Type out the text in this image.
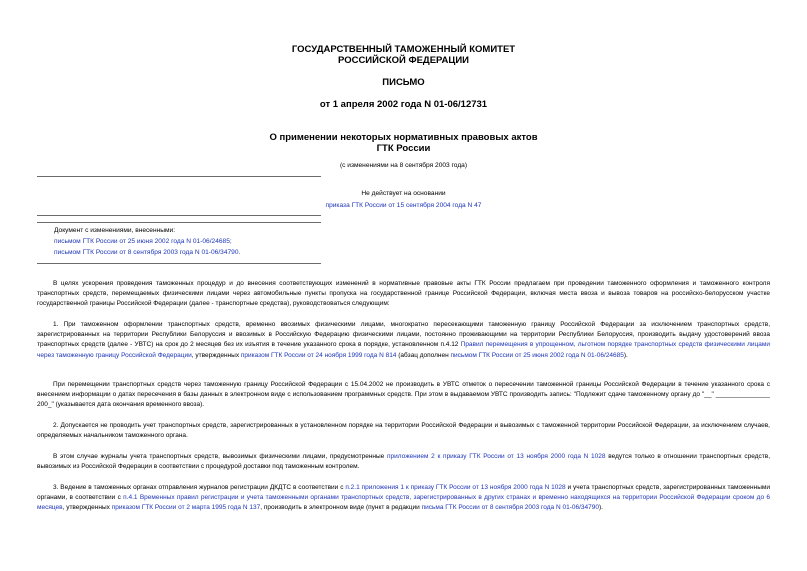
ГОСУДАРСТВЕННЫЙ ТАМОЖЕННЫЙ КОМИТЕТ
РОССИЙСКОЙ ФЕДЕРАЦИИ
ПИСЬМО
от 1 апреля 2002 года N 01-06/12731
О применении некоторых нормативных правовых актов
ГТК России
(с изменениями на 8 сентября 2003 года)
Не действует на основании
приказа ГТК России от 15 сентября 2004 года N 47
Документ с изменениями, внесенными:
письмом ГТК России от 25 июня 2002 года N 01-06/24685;
письмом ГТК России от 8 сентября 2003 года N 01-06/34790.
В целях ускорения проведения таможенных процедур и до внесения соответствующих изменений в нормативные правовые акты ГТК России предлагаем при проведении таможенного оформления и таможенного контроля транспортных средств, перемещаемых физическими лицами через автомобильные пункты пропуска на государственной границе Российской Федерации, включая места ввоза и вывоза товаров на российско-белорусском участке государственной границы Российской Федерации (далее - транспортные средства), руководствоваться следующим:
1. При таможенном оформлении транспортных средств, временно ввозимых физическими лицами, многократно пересекающими таможенную границу Российской Федерации за исключением транспортных средств, зарегистрированных на территории Республики Белоруссия и ввозимых в Российскую Федерацию физическими лицами, постоянно проживающими на территории Республики Белоруссия, производить выдачу удостоверений ввоза транспортных средств (далее - УВТС) на срок до 2 месяцев без их изъятия в течение указанного срока в порядке, установленном п.4.12 Правил перемещения в упрощенном, льготном порядке транспортных средств физическими лицами через таможенную границу Российской Федерации, утвержденных приказом ГТК России от 24 ноября 1999 года N 814 (абзац дополнен письмом ГТК России от 25 июня 2002 года N 01-06/24685).
При перемещении транспортных средств через таможенную границу Российской Федерации с 15.04.2002 не производить в УВТС отметок о пересечении таможенной границы Российской Федерации в течение указанного срока с внесением информации о датах пересечения в базы данных в электронном виде с использованием программных средств. При этом в выдаваемом УВТС производить запись: "Подлежит сдаче таможенному органу до "__" _______________ 200_" (указывается дата окончания временного ввоза).
2. Допускается не проводить учет транспортных средств, зарегистрированных в установленном порядке на территории Российской Федерации и вывозимых с таможенной территории Российской Федерации, за исключением случаев, определяемых начальником таможенного органа.
В этом случае журналы учета транспортных средств, вывозимых физическими лицами, предусмотренные приложением 2 к приказу ГТК России от 13 ноября 2000 года N 1028 ведутся только в отношении транспортных средств, вывозимых из Российской Федерации в соответствии с процедурой доставки под таможенным контролем.
3. Ведение в таможенных органах отправления журналов регистрации ДКДТС в соответствии с п.2.1 приложения 1 к приказу ГТК России от 13 ноября 2000 года N 1028 и учета транспортных средств, зарегистрированных таможенными органами, в соответствии с п.4.1 Временных правил регистрации и учета таможенными органами транспортных средств, зарегистрированных в других странах и временно находящихся на территории Российской Федерации сроком до 6 месяцев, утвержденных приказом ГТК России от 2 марта 1995 года N 137, производить в электронном виде (пункт в редакции письма ГТК России от 8 сентября 2003 года N 01-06/34790).
